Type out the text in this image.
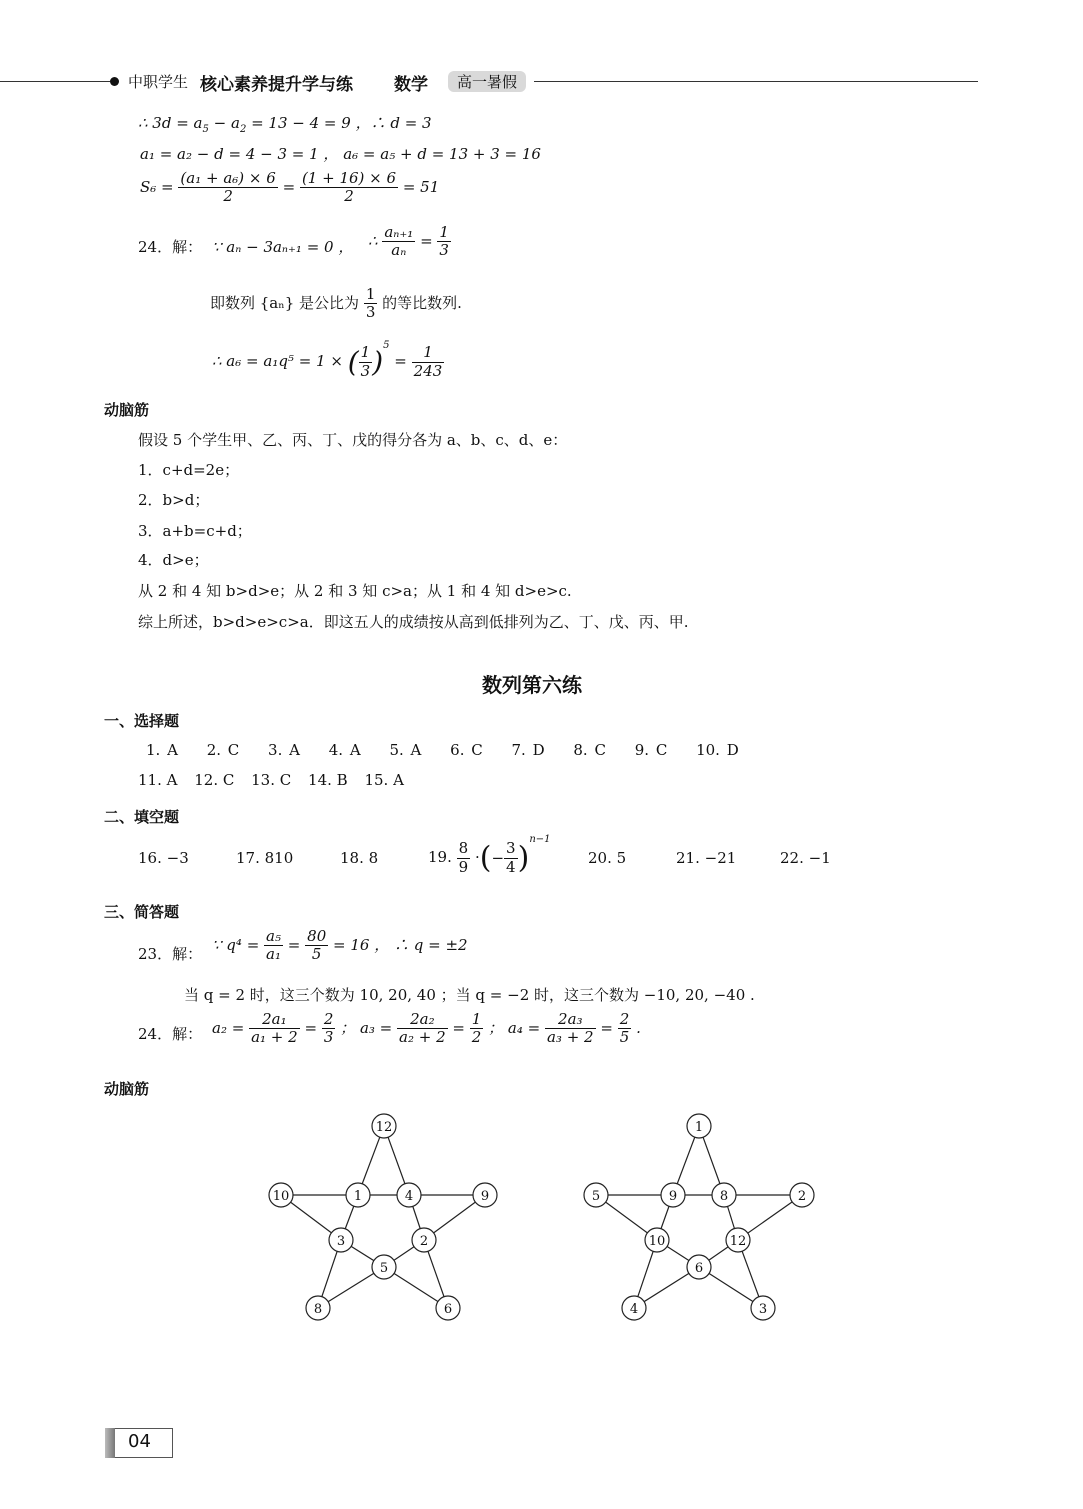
中职学生 核心素养提升学与练 数学	高一暑假
∴ $3d = a_5 - a_2 = 13 - 4 = 9$ ，∴ d = 3
a₁ = a₂ − d = 4 − 3 = 1 ， a₆ = a₅ + d = 13 + 3 = 16
$S_6 = \frac{\text{(a₁ + a₆) × 6}}{2} = \frac{(1 + 16) \times 6}{2} = 51$
24．解： ∵ aₙ − 3aₙ₊₁ = 0 ， ∴ $\frac{\text{aₙ₊₁}}{\text{aₙ}} = \frac{1}{3}$
即数列 {aₙ} 是公比为 $\frac{1}{3}$ 的等比数列.
∴ a₆ = a₁q⁵ = 1 × ( $\frac{1}{3} )^5 = \frac{1}{243}$
动脑筋
假设 5 个学生甲、乙、丙、丁、戊的得分各为 a、b、c、d、e：
1．c+d=2e；
2．b>d；
3．a+b=c+d；
4．d>e；
从 2 和 4 知 b>d>e；从 2 和 3 知 c>a；从 1 和 4 知 d>e>c.
综上所述，b>d>e>c>a．即这五人的成绩按从高到低排列为乙、丁、戊、丙、甲.
数列第六练
一、选择题
1. A 2. C 3. A 4. A 5. A 6. C 7. D 8. C 9. C 10. D
11. A 12. C 13. C 14. B 15. A
二、填空题
16. −3	17. 810	18. 8	19. $\frac{8}{9}$ ·(− $\frac{3}{4} )^{n-1}$
20. 5	21. −21	22. −1
三、简答题
23．解：
∵ $q^4 = \frac{\text{a₅}}{\text{a₁}} = \frac{80}{5} = 16$ ， ∴ q = ±2
当 q = 2 时，这三个数为 10, 20, 40 ；当 q = −2 时，这三个数为 −10, 20, −40 .
24．解： $a_2 = \frac{\text{2a₁}}{\text{a₁ + 2}} = \frac{2}{3}$ ； $a_3 = \frac{\text{2a₂}}{\text{a₂ + 2}} = \frac{1}{2}$ ； $a_4 = \frac{\text{2a₃}}{\text{a₃ + 2}} = \frac{2}{5}$ .
动脑筋
12
10	9
1	4
3	2
5
8	6
1
5	2
9	8
10	12
6
4	3
04
